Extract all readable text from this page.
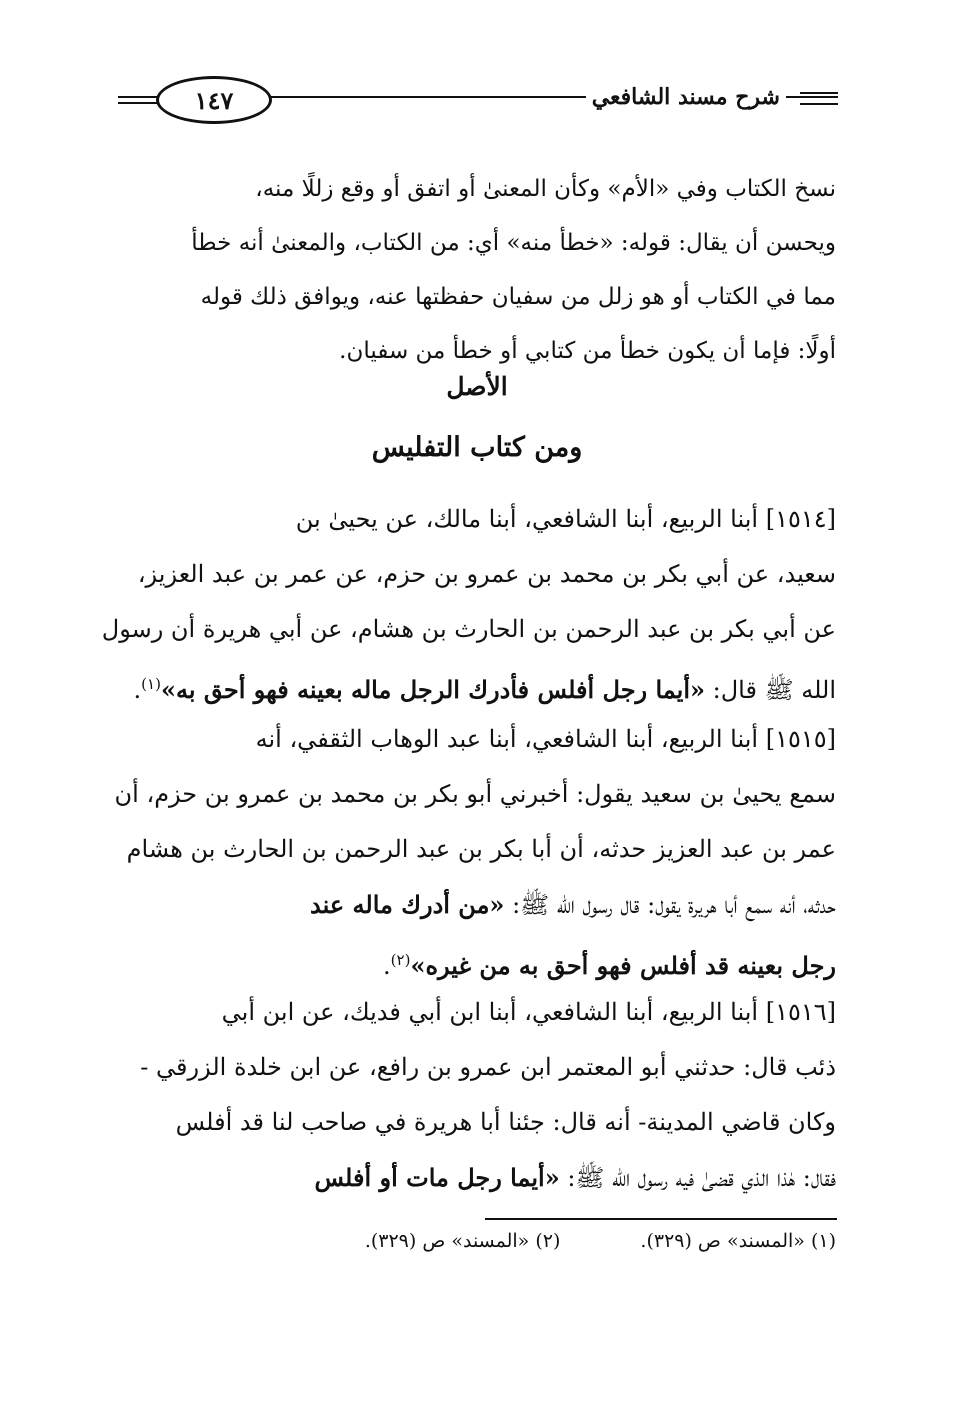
شرح مسند الشافعي
١٤٧
نسخ الكتاب وفي «الأم» وكأن المعنىٰ أو اتفق أو وقع زللًا منه،
ويحسن أن يقال: قوله: «خطأ منه» أي: من الكتاب، والمعنىٰ أنه خطأ
مما في الكتاب أو هو زلل من سفيان حفظتها عنه، ويوافق ذلك قوله
أولًا: فإما أن يكون خطأ من كتابي أو خطأ من سفيان.
الأصل
ومن كتاب التفليس
[١٥١٤] أبنا الربيع، أبنا الشافعي، أبنا مالك، عن يحيىٰ بن
سعيد، عن أبي بكر بن محمد بن عمرو بن حزم، عن عمر بن عبد العزيز،
عن أبي بكر بن عبد الرحمن بن الحارث بن هشام، عن أبي هريرة أن رسول
الله ﷺ قال: «أيما رجل أفلس فأدرك الرجل ماله بعينه فهو أحق به»$^{(١)}$.
[١٥١٥] أبنا الربيع، أبنا الشافعي، أبنا عبد الوهاب الثقفي، أنه
سمع يحيىٰ بن سعيد يقول: أخبرني أبو بكر بن محمد بن عمرو بن حزم، أن
عمر بن عبد العزيز حدثه، أن أبا بكر بن عبد الرحمن بن الحارث بن هشام
حدثه، أنه سمع أبا هريرة يقول: قال رسول الله ﷺ: «من أدرك ماله عند
رجل بعينه قد أفلس فهو أحق به من غيره»$^{(٢)}$.
[١٥١٦] أبنا الربيع، أبنا الشافعي، أبنا ابن أبي فديك، عن ابن أبي
ذئب قال: حدثني أبو المعتمر ابن عمرو بن رافع، عن ابن خلدة الزرقي -
وكان قاضي المدينة- أنه قال: جئنا أبا هريرة في صاحب لنا قد أفلس
فقال: هٰذا الذي قضىٰ فيه رسول الله ﷺ: «أيما رجل مات أو أفلس
(١) «المسند» ص (٣٢٩).
(٢) «المسند» ص (٣٢٩).
